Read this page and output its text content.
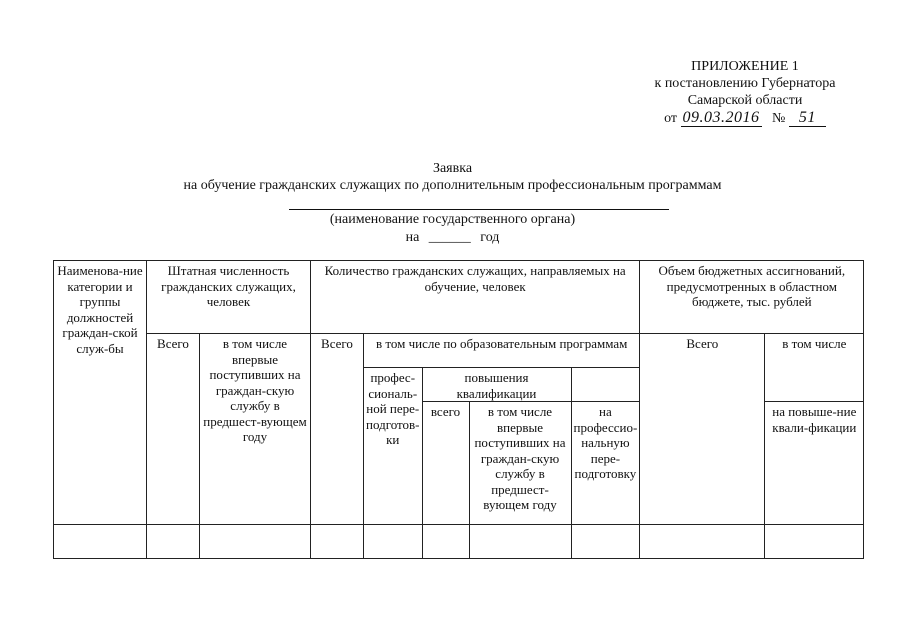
ПРИЛОЖЕНИЕ 1
к постановлению Губернатора
Самарской области
от 09.03.2016 № 51
Заявка
на обучение гражданских служащих по дополнительным профессиональным программам
(наименование государственного органа)
на ______ год
Наименова-ние категории и группы должностей граждан-ской служ-бы	Штатная численность гражданских служащих, человек		Количество гражданских служащих, направляемых на обучение, человек					Объем бюджетных ассигнований, предусмотренных в областном бюджете, тыс. рублей	
	Всего	в том числе впервые поступивших на граждан-скую службу в предшест-вующем году	Всего	в том числе по образовательным программам				Всего	в том числе
				профес-сиональ-ной пере-подготов-ки	повышения квалификации				
					всего	в том числе впервые поступивших на граждан-скую службу в предшест-вующем году	на профессио-нальную пере-подготовку		на повыше-ние квали-фикации
